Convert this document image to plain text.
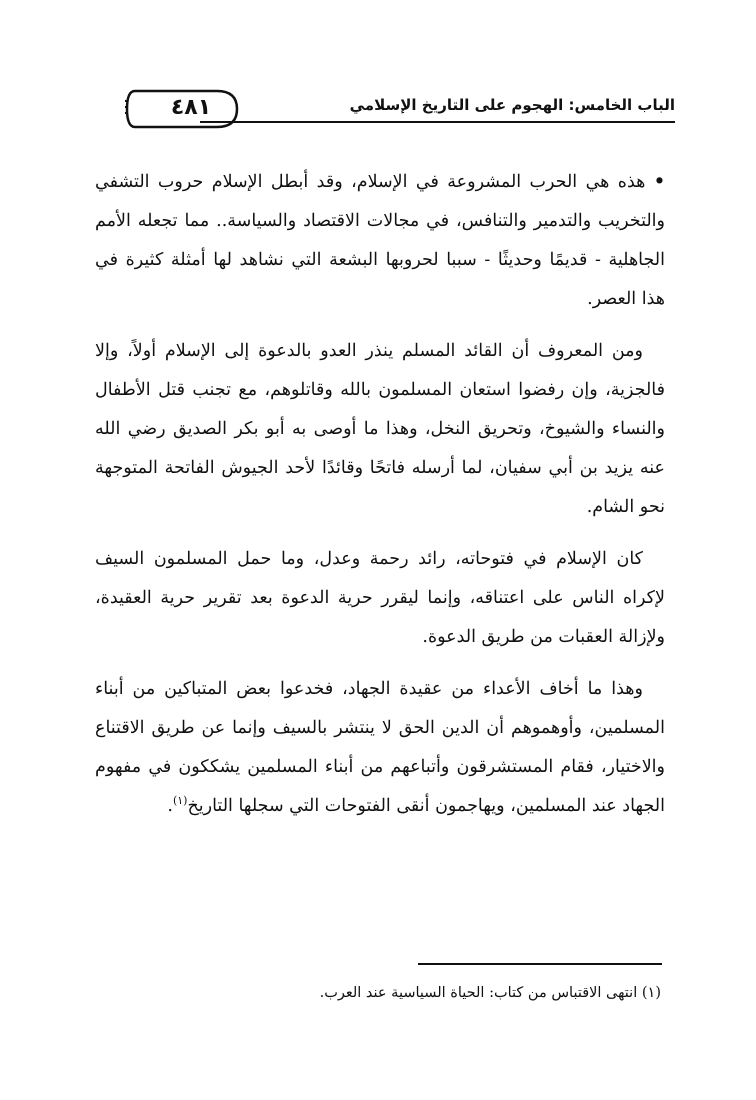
٤٨١	الباب الخامس: الهجوم على التاريخ الإسلامي

• هذه هي الحرب المشروعة في الإسلام، وقد أبطل الإسلام حروب التشفي والتخريب والتدمير والتنافس، في مجالات الاقتصاد والسياسة.. مما تجعله الأمم الجاهلية - قديمًا وحديثًا - سببا لحروبها البشعة التي نشاهد لها أمثلة كثيرة في هذا العصر.

ومن المعروف أن القائد المسلم ينذر العدو بالدعوة إلى الإسلام أولاً، وإلا فالجزية، وإن رفضوا استعان المسلمون بالله وقاتلوهم، مع تجنب قتل الأطفال والنساء والشيوخ، وتحريق النخل، وهذا ما أوصى به أبو بكر الصديق رضي الله عنه يزيد بن أبي سفيان، لما أرسله فاتحًا وقائدًا لأحد الجيوش الفاتحة المتوجهة نحو الشام.

كان الإسلام في فتوحاته، رائد رحمة وعدل، وما حمل المسلمون السيف لإكراه الناس على اعتناقه، وإنما ليقرر حرية الدعوة بعد تقرير حرية العقيدة، ولإزالة العقبات من طريق الدعوة.

وهذا ما أخاف الأعداء من عقيدة الجهاد، فخدعوا بعض المتباكين من أبناء المسلمين، وأوهموهم أن الدين الحق لا ينتشر بالسيف وإنما عن طريق الاقتناع والاختيار، فقام المستشرقون وأتباعهم من أبناء المسلمين يشككون في مفهوم الجهاد عند المسلمين، ويهاجمون أنقى الفتوحات التي سجلها التاريخ$^{(١)}$.

(١) انتهى الاقتباس من كتاب: الحياة السياسية عند العرب.
